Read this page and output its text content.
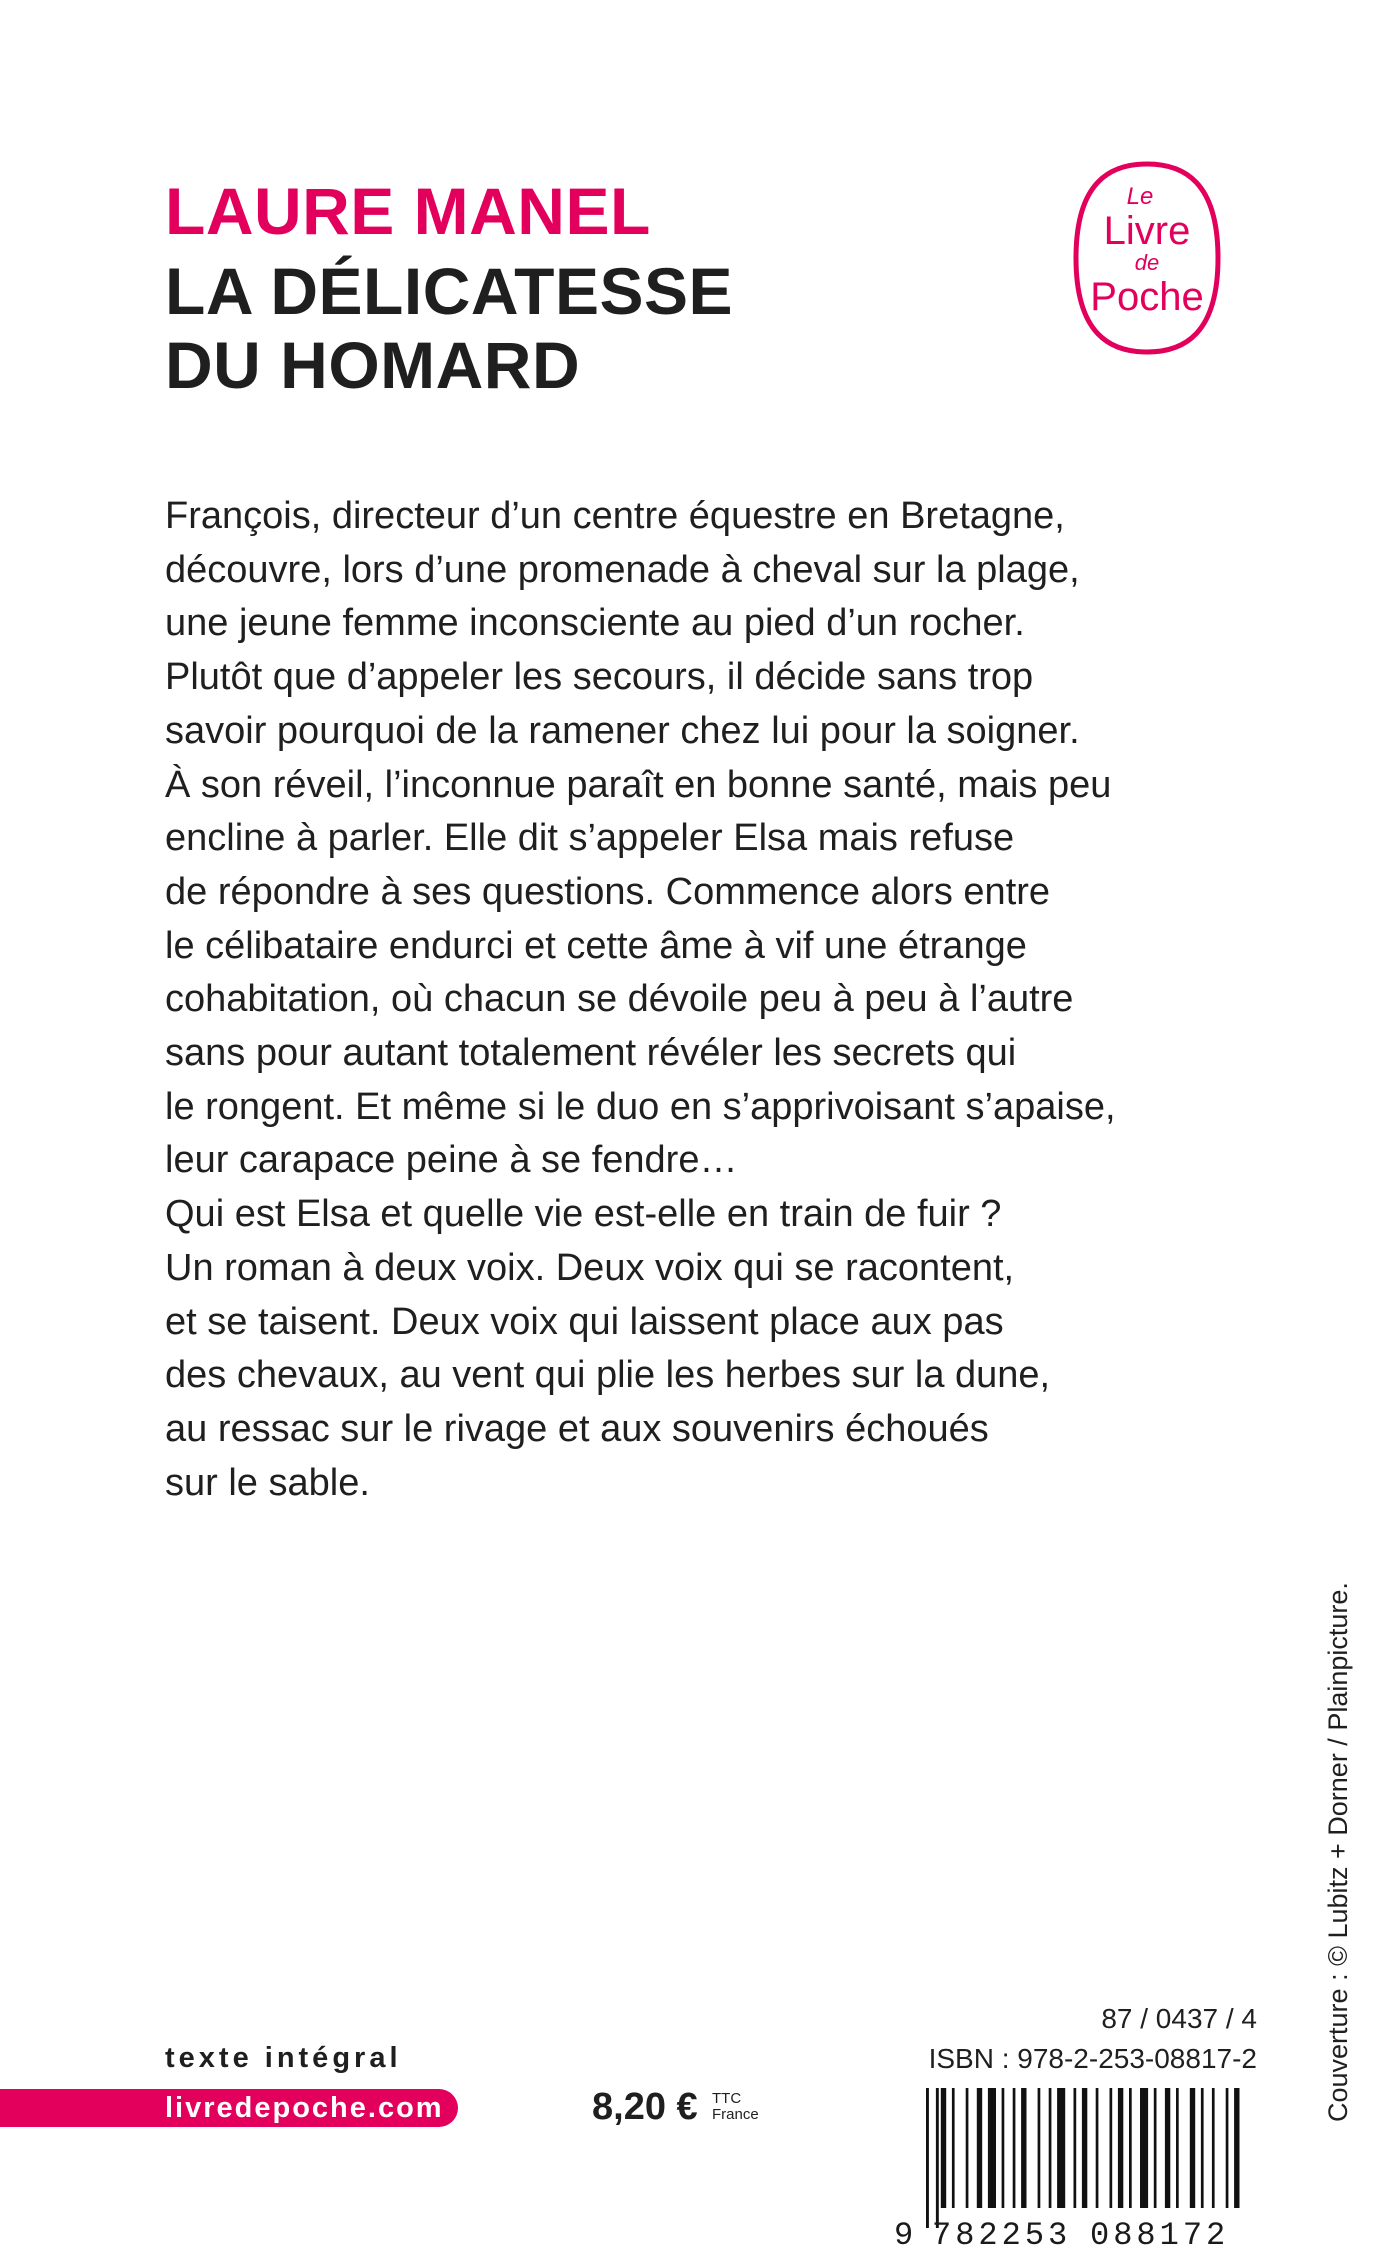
LAURE MANEL
LA DÉLICATESSE
DU HOMARD
Le
Livre
de
Poche
François, directeur d’un centre équestre en Bretagne,
découvre, lors d’une promenade à cheval sur la plage,
une jeune femme inconsciente au pied d’un rocher.
Plutôt que d’appeler les secours, il décide sans trop
savoir pourquoi de la ramener chez lui pour la soigner.
À son réveil, l’inconnue paraît en bonne santé, mais peu
encline à parler. Elle dit s’appeler Elsa mais refuse
de répondre à ses questions. Commence alors entre
le célibataire endurci et cette âme à vif une étrange
cohabitation, où chacun se dévoile peu à peu à l’autre
sans pour autant totalement révéler les secrets qui
le rongent. Et même si le duo en s’apprivoisant s’apaise,
leur carapace peine à se fendre…
Qui est Elsa et quelle vie est-elle en train de fuir ?
Un roman à deux voix. Deux voix qui se racontent,
et se taisent. Deux voix qui laissent place aux pas
des chevaux, au vent qui plie les herbes sur la dune,
au ressac sur le rivage et aux souvenirs échoués
sur le sable.
Couverture : © Lubitz + Dorner / Plainpicture.
texte intégral
livredepoche.com	8,20 € TTC
France
87 / 0437 / 4
ISBN : 978-2-253-08817-2
9 782253 088172
